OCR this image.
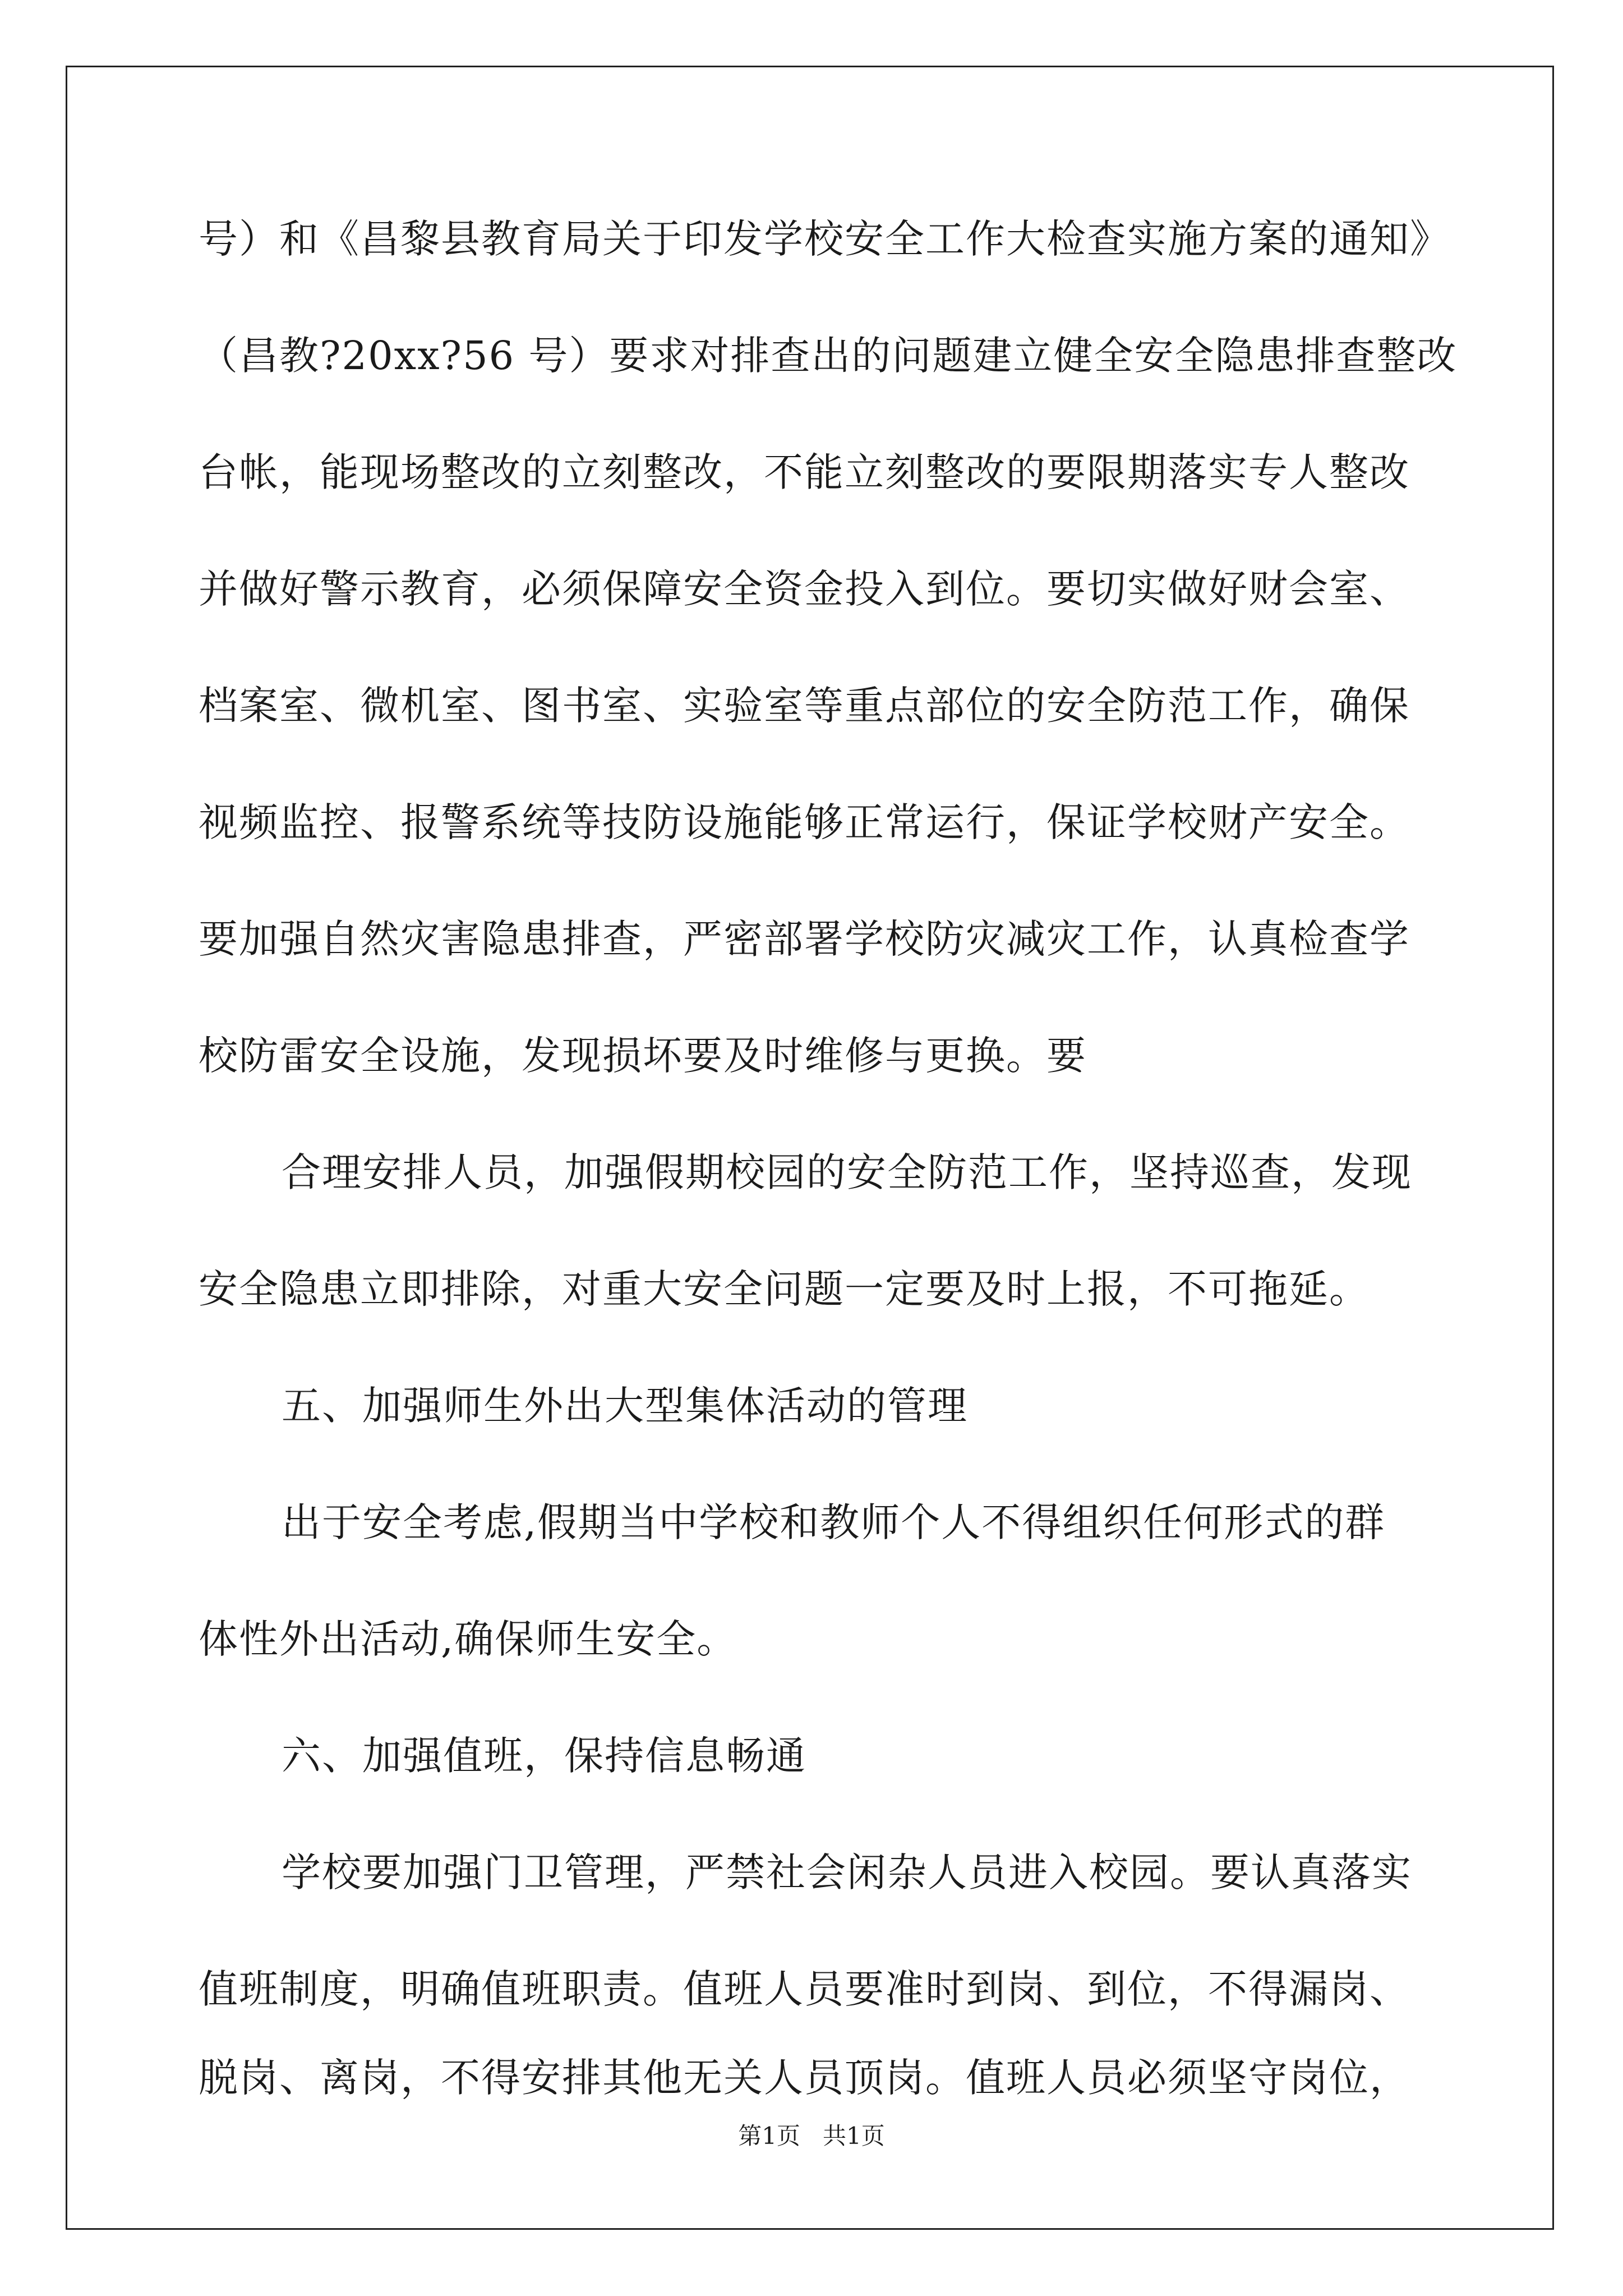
号）和《昌黎县教育局关于印发学校安全工作大检查实施方案的通知》
（昌教?20xx?56 号）要求对排查出的问题建立健全安全隐患排查整改
台帐，能现场整改的立刻整改，不能立刻整改的要限期落实专人整改
并做好警示教育，必须保障安全资金投入到位。要切实做好财会室、
档案室、微机室、图书室、实验室等重点部位的安全防范工作，确保
视频监控、报警系统等技防设施能够正常运行，保证学校财产安全。
要加强自然灾害隐患排查，严密部署学校防灾减灾工作，认真检查学
校防雷安全设施，发现损坏要及时维修与更换。要
合理安排人员，加强假期校园的安全防范工作，坚持巡查，发现
安全隐患立即排除，对重大安全问题一定要及时上报，不可拖延。
五、加强师生外出大型集体活动的管理
出于安全考虑,假期当中学校和教师个人不得组织任何形式的群
体性外出活动,确保师生安全。
六、加强值班，保持信息畅通
学校要加强门卫管理，严禁社会闲杂人员进入校园。要认真落实
值班制度，明确值班职责。值班人员要准时到岗、到位，不得漏岗、
脱岗、离岗，不得安排其他无关人员顶岗。值班人员必须坚守岗位，
第1页   共1页
